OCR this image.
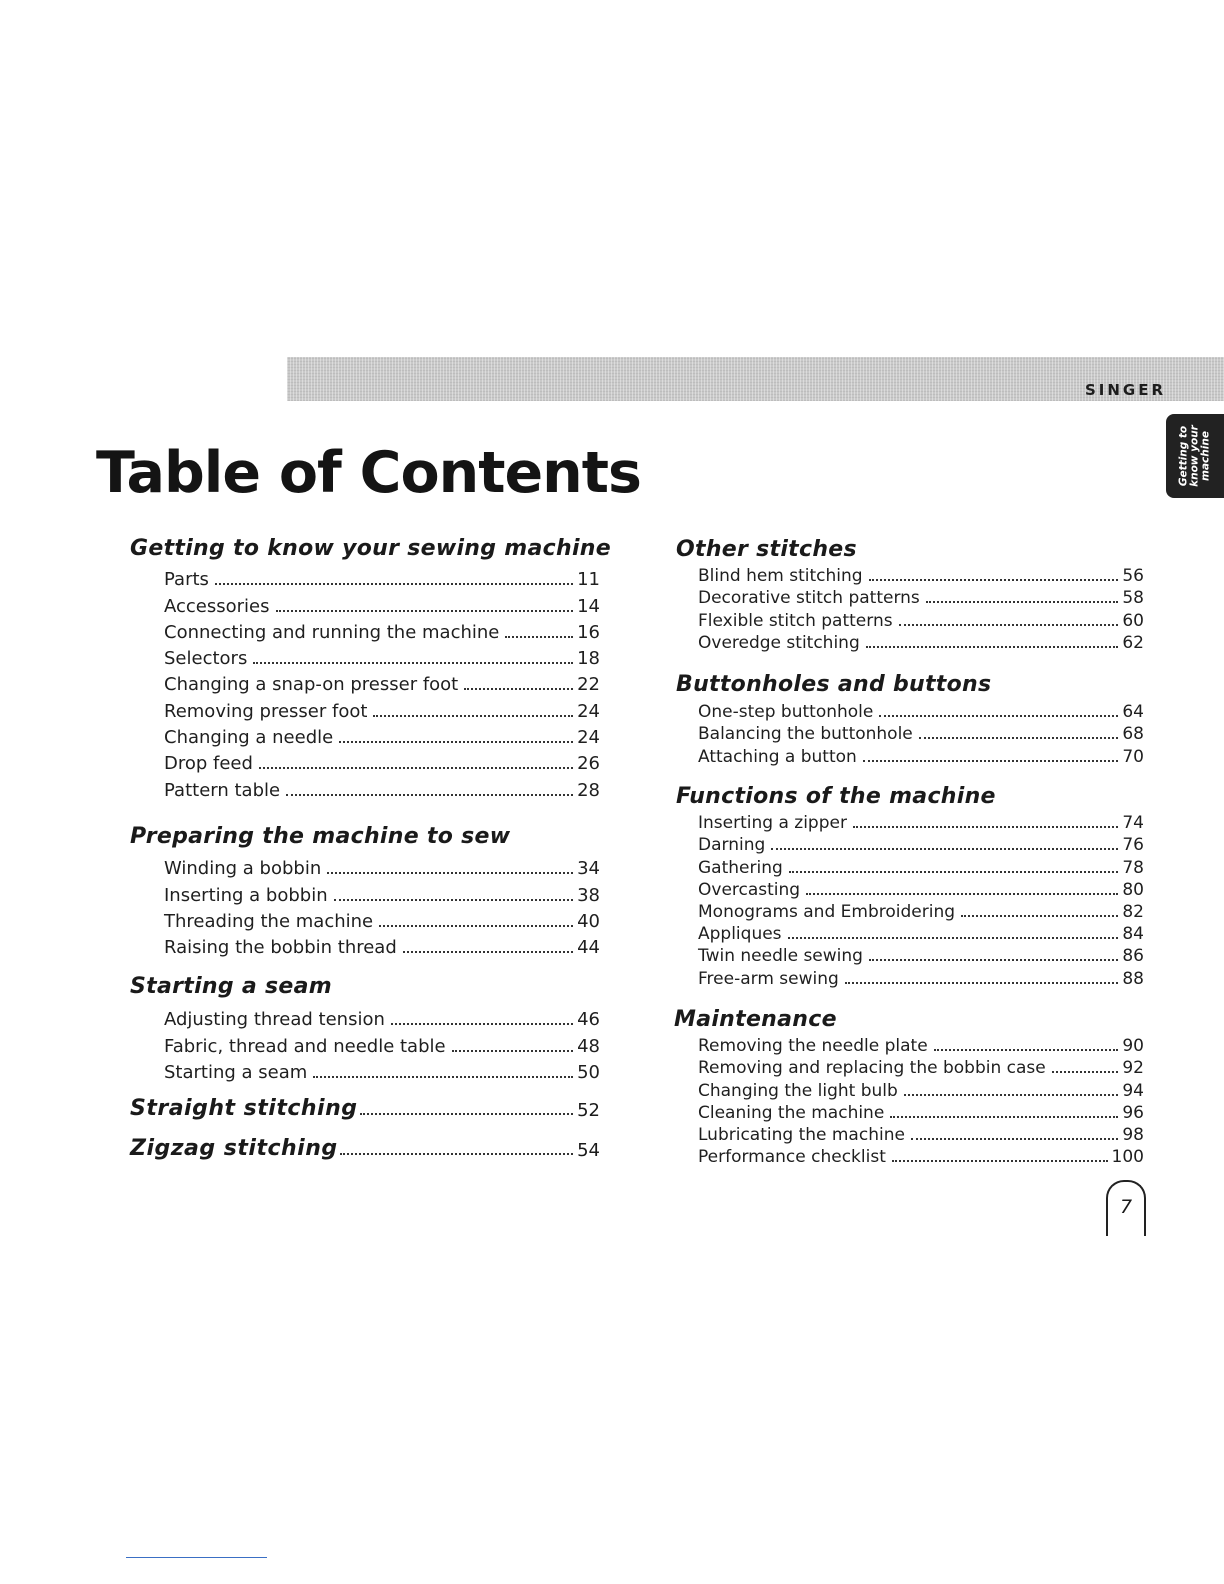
SINGER
Getting to know your machine
Table of Contents
Getting to know your sewing machine
Parts	11
Accessories	14
Connecting and running the machine	16
Selectors	18
Changing a snap-on presser foot	22
Removing presser foot	24
Changing a needle	24
Drop feed	26
Pattern table	28
Preparing the machine to sew
Winding a bobbin	34
Inserting a bobbin	38
Threading the machine	40
Raising the bobbin thread	44
Starting a seam
Adjusting thread tension	46
Fabric, thread and needle table	48
Starting a seam	50
Straight stitching	52
Zigzag stitching	54
Other stitches
Blind hem stitching	56
Decorative stitch patterns	58
Flexible stitch patterns	60
Overedge stitching	62
Buttonholes and buttons
One-step buttonhole	64
Balancing the buttonhole	68
Attaching a button	70
Functions of the machine
Inserting a zipper	74
Darning	76
Gathering	78
Overcasting	80
Monograms and Embroidering	82
Appliques	84
Twin needle sewing	86
Free-arm sewing	88
Maintenance
Removing the needle plate	90
Removing and replacing the bobbin case	92
Changing the light bulb	94
Cleaning the machine	96
Lubricating the machine	98
Performance checklist	100
7
